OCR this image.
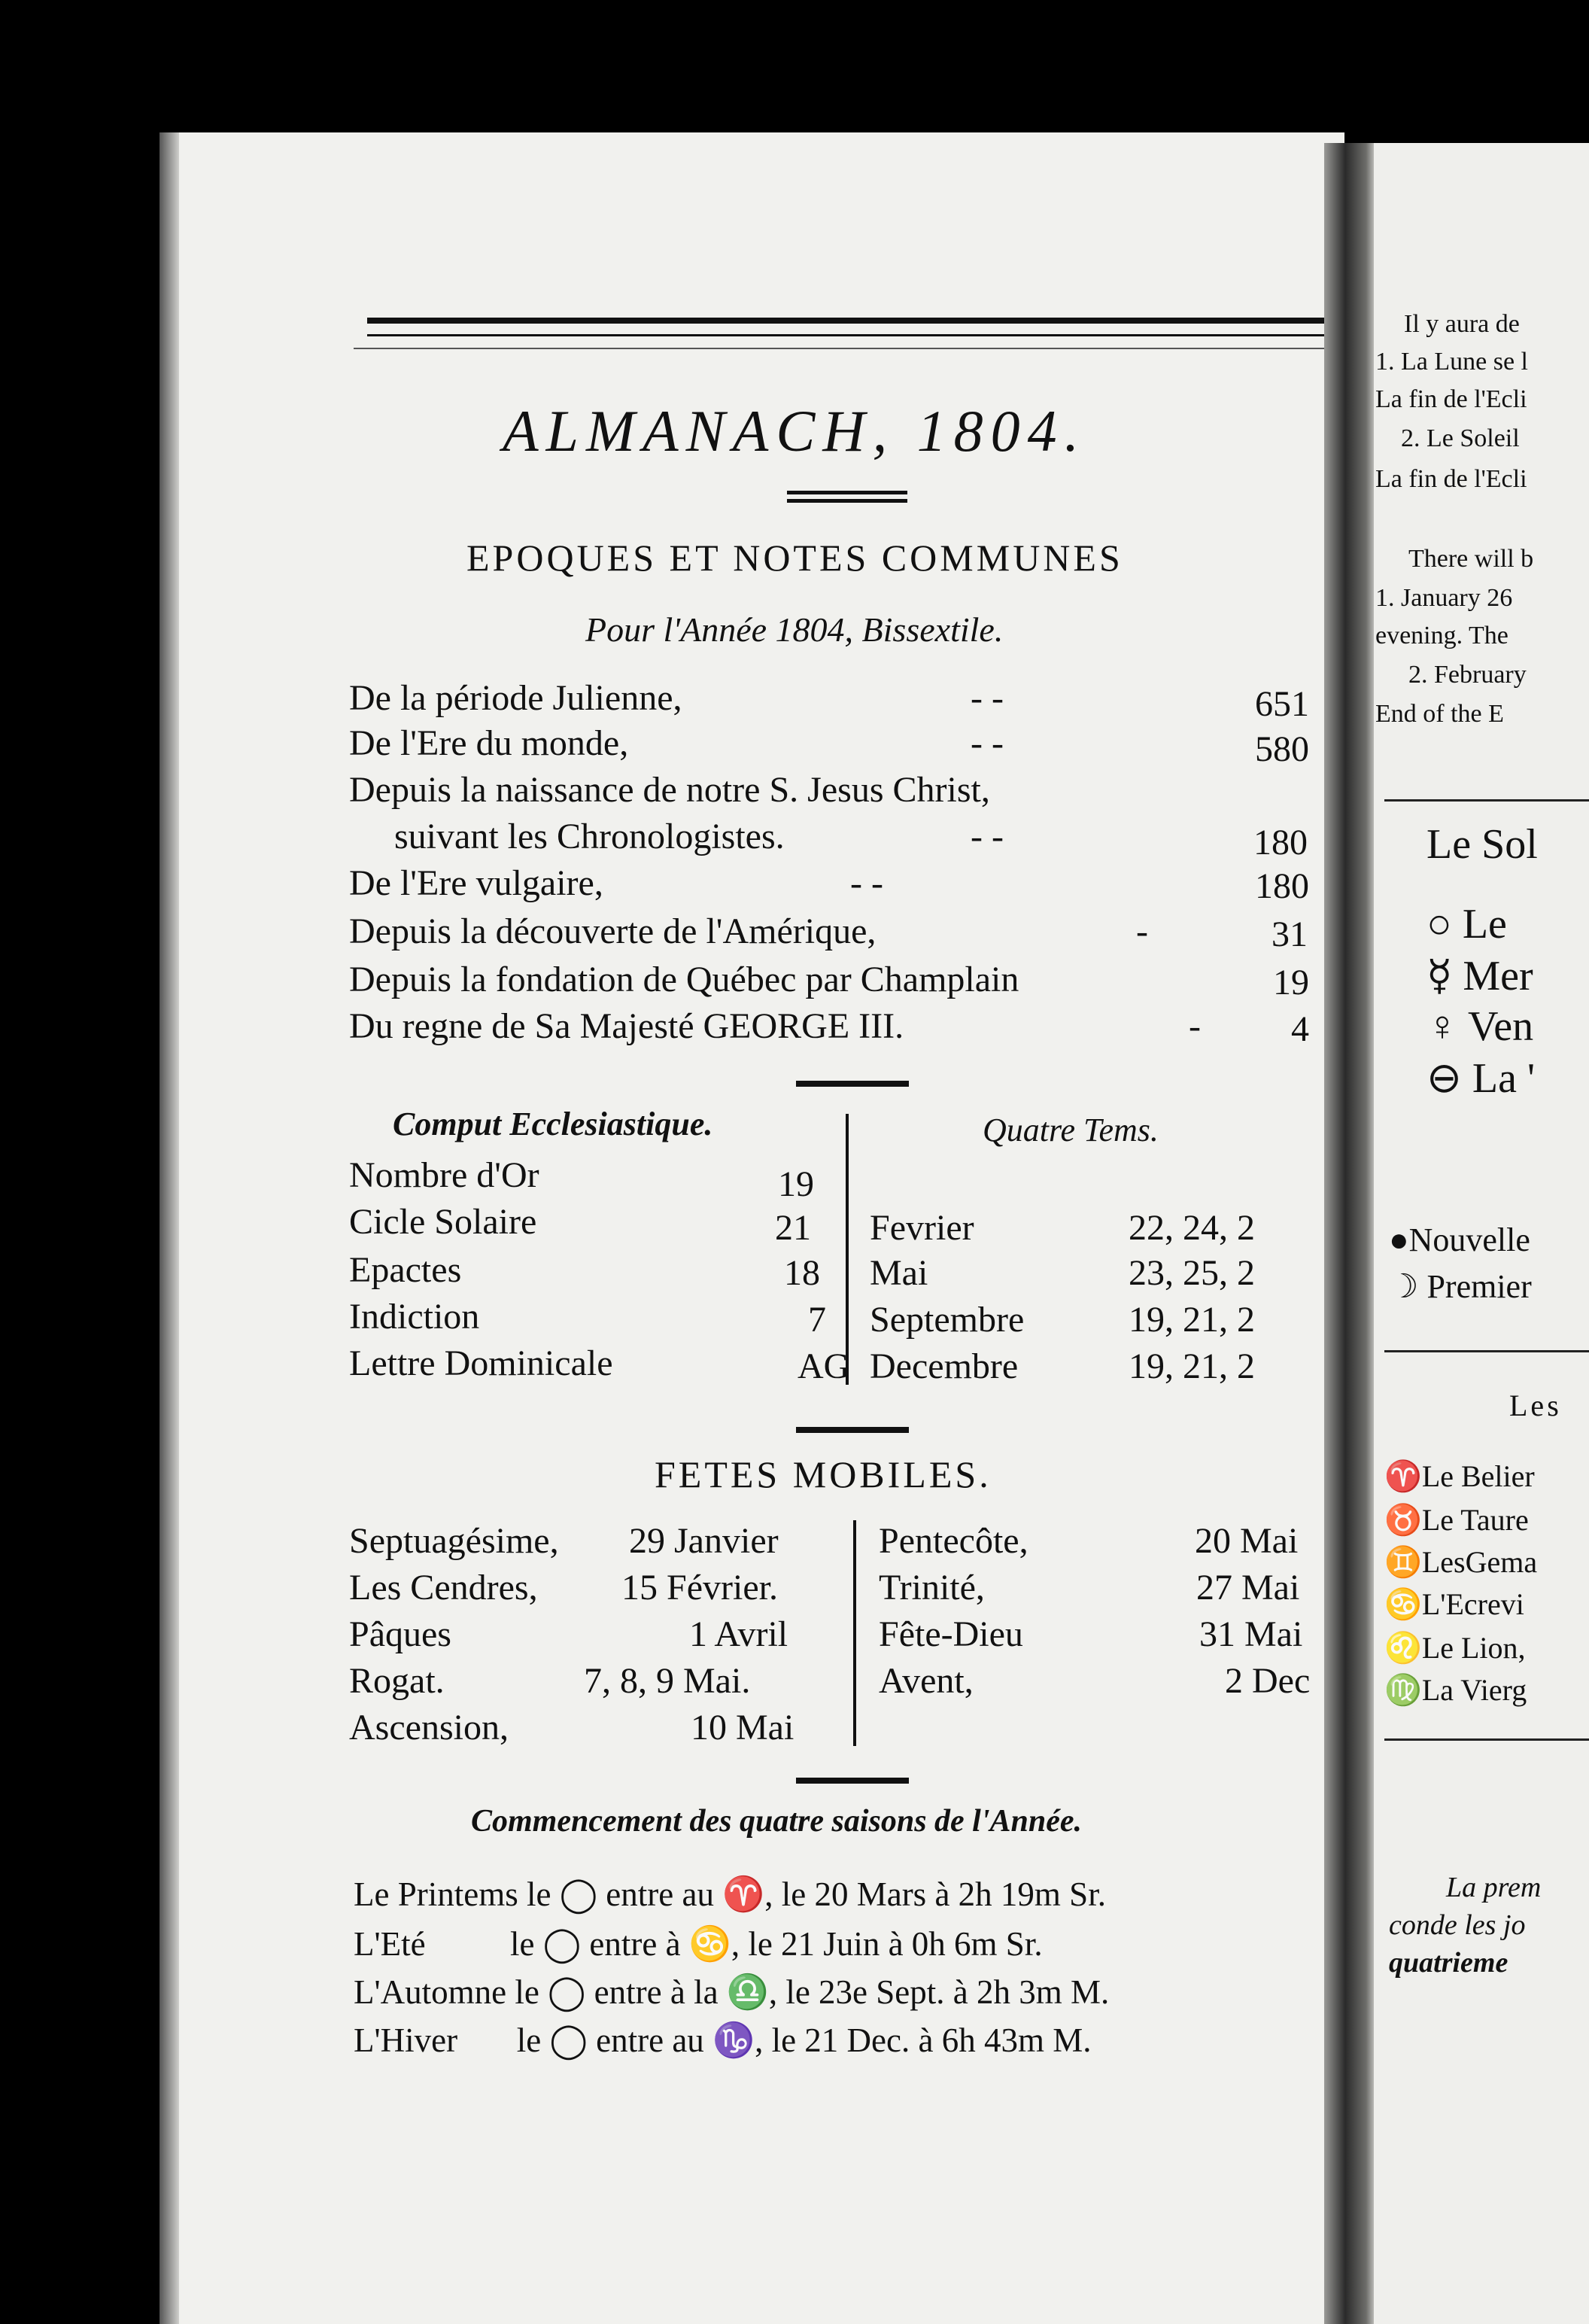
ALMANACH, 1804.
EPOQUES ET NOTES COMMUNES
Pour l'Année 1804, Bissextile.
De la période Julienne,	- -	651
De l'Ere du monde,	- -	580
Depuis la naissance de notre S. Jesus Christ,
suivant les Chronologistes.	- -	180
De l'Ere vulgaire,	- -	180
Depuis la découverte de l'Amérique,	-	31
Depuis la fondation de Québec par Champlain	19
Du regne de Sa Majesté GEORGE III.	-	4
Comput Ecclesiastique.	Quatre Tems.
Nombre d'Or	19
Cicle Solaire	21
Epactes	18
Indiction	7
Lettre Dominicale	AG
Fevrier	22, 24, 2
Mai	23, 25, 2
Septembre	19, 21, 2
Decembre	19, 21, 2
FETES MOBILES.
Septuagésime, 29 Janvier
Les Cendres, 15 Février.
Pâques	1 Avril
Rogat.	7, 8, 9 Mai.
Ascension,	10 Mai
Pentecôte,	20 Mai
Trinité,	27 Mai
Fête-Dieu	31 Mai
Avent,	2 Dec
Commencement des quatre saisons de l'Année.
Le Printems le ◯ entre au ♈, le 20 Mars à 2h 19m Sr.
L'Eté          le ◯ entre à ♋, le 21 Juin à 0h 6m Sr.
L'Automne le ◯ entre à la ♎, le 23e Sept. à 2h 3m M.
L'Hiver       le ◯ entre au ♑, le 21 Dec. à 6h 43m M.
Il y aura de
1. La Lune se l
La fin de l'Ecli
2. Le Soleil
La fin de l'Ecli
There will b
1. January 26
evening. The
2. February
End of the E
Le Sol
○ Le
☿ Mer
♀ Ven
⊖ La '
●Nouvelle
☽ Premier
Les
♈Le Belier
♉Le Taure
♊LesGema
♋L'Ecrevi
♌Le Lion,
♍La Vierg
La prem
conde les jo
quatrieme
